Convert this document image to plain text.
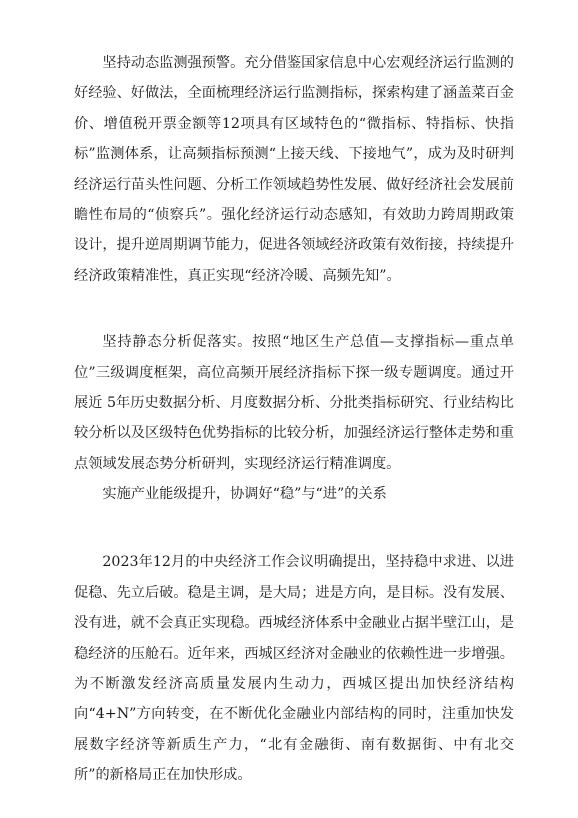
坚持动态监测强预警。充分借鉴国家信息中心宏观经济运行监测的好经验、好做法，全面梳理经济运行监测指标，探索构建了涵盖菜百金价、增值税开票金额等12项具有区域特色的“微指标、特指标、快指标”监测体系，让高频指标预测“上接天线、下接地气”，成为及时研判经济运行苗头性问题、分析工作领域趋势性发展、做好经济社会发展前瞻性布局的“侦察兵”。强化经济运行动态感知，有效助力跨周期政策设计，提升逆周期调节能力，促进各领域经济政策有效衔接，持续提升经济政策精准性，真正实现“经济冷暖、高频先知”。

坚持静态分析促落实。按照“地区生产总值—支撑指标—重点单位”三级调度框架，高位高频开展经济指标下探一级专题调度。通过开展近 5年历史数据分析、月度数据分析、分批类指标研究、行业结构比较分析以及区级特色优势指标的比较分析，加强经济运行整体走势和重点领域发展态势分析研判，实现经济运行精准调度。

实施产业能级提升，协调好“稳”与“进”的关系

2023年12月的中央经济工作会议明确提出，坚持稳中求进、以进促稳、先立后破。稳是主调，是大局；进是方向，是目标。没有发展、没有进，就不会真正实现稳。西城经济体系中金融业占据半壁江山，是稳经济的压舱石。近年来，西城区经济对金融业的依赖性进一步增强。为不断激发经济高质量发展内生动力，西城区提出加快经济结构向“4+N”方向转变，在不断优化金融业内部结构的同时，注重加快发展数字经济等新质生产力，“北有金融街、南有数据街、中有北交所”的新格局正在加快形成。
